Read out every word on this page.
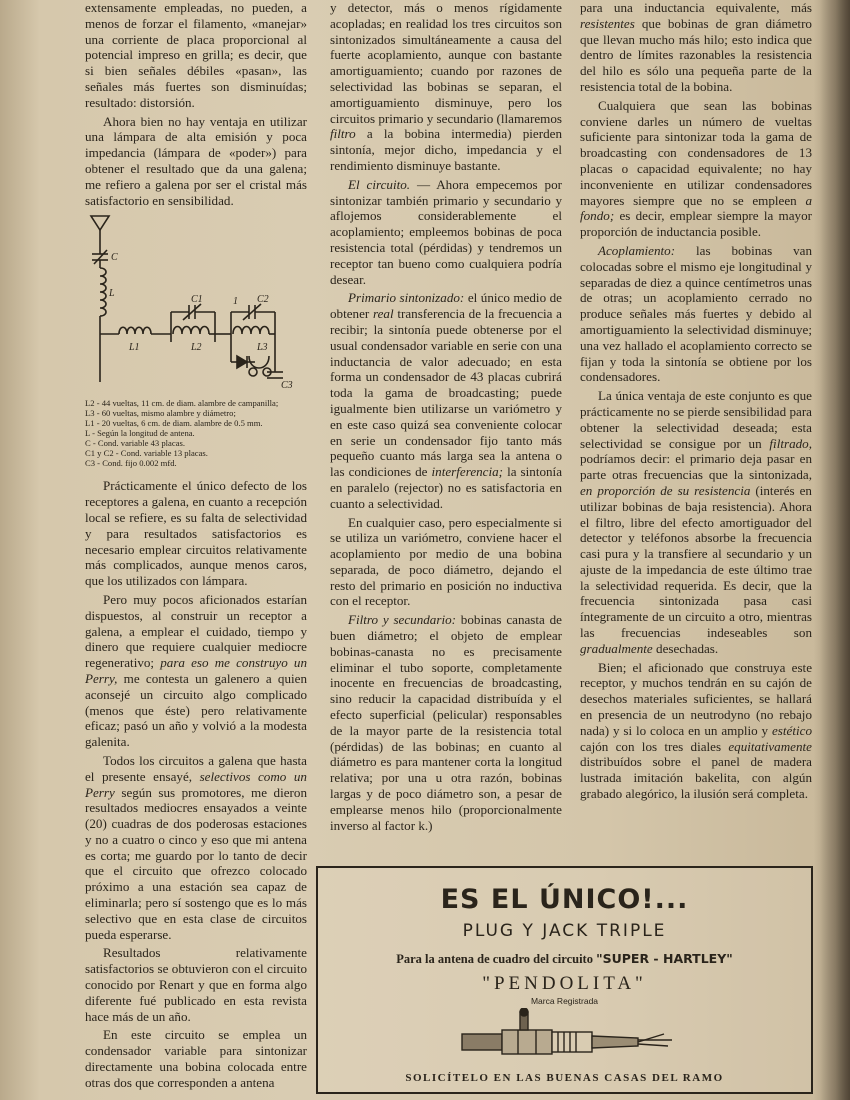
extensamente empleadas, no pueden, a menos de forzar el filamento, «manejar» una corriente de placa proporcional al potencial impreso en grilla; es decir, que si bien señales débiles «pasan», las señales más fuertes son disminuídas; resultado: distorsión.

Ahora bien no hay ventaja en utilizar una lámpara de alta emisión y poca impedancia (lámpara de «poder») para obtener el resultado que da una galena; me refiero a galena por ser el cristal más satisfactorio en sensibilidad.

C
L
C1	C2
1
L1	L2	L3
C3
L2 - 44 vueltas, 11 cm. de diam. alambre de campanilla;
L3 - 60 vueltas, mismo alambre y diámetro;
L1 - 20 vueltas, 6 cm. de diam. alambre de 0.5 mm.
L - Según la longitud de antena.
C - Cond. variable 43 placas.
C1 y C2 - Cond. variable 13 placas.
C3 - Cond. fijo 0.002 mfd.

Prácticamente el único defecto de los receptores a galena, en cuanto a recepción local se refiere, es su falta de selectividad y para resultados satisfactorios es necesario emplear circuitos relativamente más complicados, aunque menos caros, que los utilizados con lámpara.

Pero muy pocos aficionados estarían dispuestos, al construir un receptor a galena, a emplear el cuidado, tiempo y dinero que requiere cualquier mediocre regenerativo; para eso me construyo un Perry, me contesta un galenero a quien aconsejé un circuito algo complicado (menos que éste) pero relativamente eficaz; pasó un año y volvió a la modesta galenita.

Todos los circuitos a galena que hasta el presente ensayé, selectivos como un Perry según sus promotores, me dieron resultados mediocres ensayados a veinte (20) cuadras de dos poderosas estaciones y no a cuatro o cinco y eso que mi antena es corta; me guardo por lo tanto de decir que el circuito que ofrezco colocado próximo a una estación sea capaz de eliminarla; pero sí sostengo que es lo más selectivo que en esta clase de circuitos pueda esperarse.

Resultados relativamente satisfactorios se obtuvieron con el circuito conocido por Renart y que en forma algo diferente fué publicado en esta revista hace más de un año.

En este circuito se emplea un condensador variable para sintonizar directamente una bobina colocada entre otras dos que corresponden a antena

y detector, más o menos rígidamente acopladas; en realidad los tres circuitos son sintonizados simultáneamente a causa del fuerte acoplamiento, aunque con bastante amortiguamiento; cuando por razones de selectividad las bobinas se separan, el amortiguamiento disminuye, pero los circuitos primario y secundario (llamaremos filtro a la bobina intermedia) pierden sintonía, mejor dicho, impedancia y el rendimiento disminuye bastante.

El circuito. — Ahora empecemos por sintonizar también primario y secundario y aflojemos considerablemente el acoplamiento; empleemos bobinas de poca resistencia total (pérdidas) y tendremos un receptor tan bueno como cualquiera podría desear.

Primario sintonizado: el único medio de obtener real transferencia de la frecuencia a recibir; la sintonía puede obtenerse por el usual condensador variable en serie con una inductancia de valor adecuado; en esta forma un condensador de 43 placas cubrirá toda la gama de broadcasting; puede igualmente bien utilizarse un variómetro y en este caso quizá sea conveniente colocar en serie un condensador fijo tanto más pequeño cuanto más larga sea la antena o las condiciones de interferencia; la sintonía en paralelo (rejector) no es satisfactoria en cuanto a selectividad.

En cualquier caso, pero especialmente si se utiliza un variómetro, conviene hacer el acoplamiento por medio de una bobina separada, de poco diámetro, dejando el resto del primario en posición no inductiva con el receptor.

Filtro y secundario: bobinas canasta de buen diámetro; el objeto de emplear bobinas-canasta no es precisamente eliminar el tubo soporte, completamente inocente en frecuencias de broadcasting, sino reducir la capacidad distribuída y el efecto superficial (pelicular) responsables de la mayor parte de la resistencia total (pérdidas) de las bobinas; en cuanto al diámetro es para mantener corta la longitud relativa; por una u otra razón, bobinas largas y de poco diámetro son, a pesar de emplearse menos hilo (proporcionalmente inverso al factor k.)

para una inductancia equivalente, más resistentes que bobinas de gran diámetro que llevan mucho más hilo; esto indica que dentro de límites razonables la resistencia del hilo es sólo una pequeña parte de la resistencia total de la bobina.

Cualquiera que sean las bobinas conviene darles un número de vueltas suficiente para sintonizar toda la gama de broadcasting con condensadores de 13 placas o capacidad equivalente; no hay inconveniente en utilizar condensadores mayores siempre que no se empleen a fondo; es decir, emplear siempre la mayor proporción de inductancia posible.

Acoplamiento: las bobinas van colocadas sobre el mismo eje longitudinal y separadas de diez a quince centímetros unas de otras; un acoplamiento cerrado no produce señales más fuertes y debido al amortiguamiento la selectividad disminuye; una vez hallado el acoplamiento correcto se fijan y toda la sintonía se obtiene por los condensadores.

La única ventaja de este conjunto es que prácticamente no se pierde sensibilidad para obtener la selectividad deseada; esta selectividad se consigue por un filtrado, podríamos decir: el primario deja pasar en parte otras frecuencias que la sintonizada, en proporción de su resistencia (interés en utilizar bobinas de baja resistencia). Ahora el filtro, libre del efecto amortiguador del detector y teléfonos absorbe la frecuencia casi pura y la transfiere al secundario y un ajuste de la impedancia de este último trae la selectividad requerida. Es decir, que la frecuencia sintonizada pasa casi íntegramente de un circuito a otro, mientras las frecuencias indeseables son gradualmente desechadas.

Bien; el aficionado que construya este receptor, y muchos tendrán en su cajón de desechos materiales suficientes, se hallará en presencia de un neutrodyno (no rebajo nada) y si lo coloca en un amplio y estético cajón con los tres diales equitativamente distribuídos sobre el panel de madera lustrada imitación bakelita, con algún grabado alegórico, la ilusión será completa.

ES EL ÚNICO!...
PLUG Y JACK TRIPLE
Para la antena de cuadro del circuito "SUPER - HARTLEY"
"PENDOLITA"
Marca Registrada
SOLICÍTELO EN LAS BUENAS CASAS DEL RAMO
